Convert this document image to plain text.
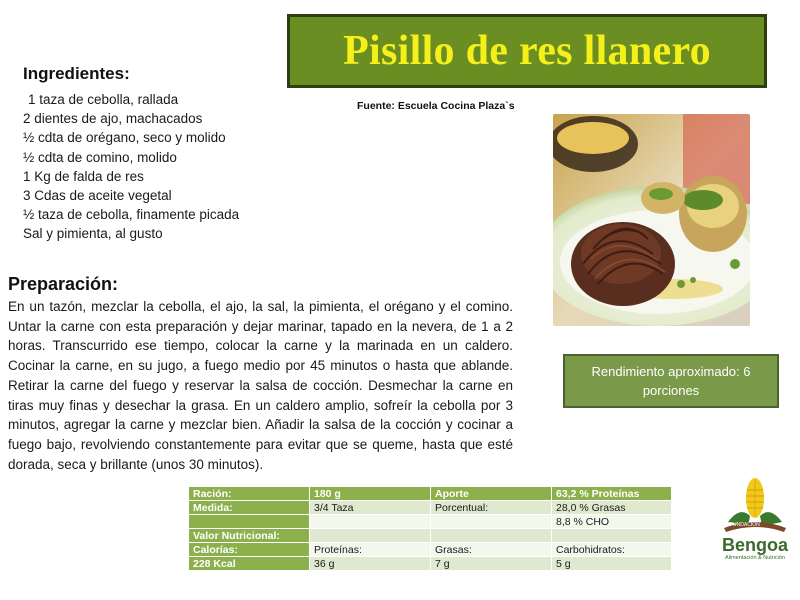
Pisillo de res llanero
Ingredientes:
1 taza de cebolla, rallada
2 dientes de ajo, machacados
½ cdta de orégano, seco y molido
½ cdta de comino, molido
1 Kg de falda de res
3 Cdas de aceite vegetal
½ taza de cebolla, finamente picada
Sal y pimienta, al gusto
Fuente: Escuela Cocina Plaza`s
Preparación:

En un tazón, mezclar la cebolla, el ajo, la sal, la pimienta, el orégano y el comino. Untar la carne con esta preparación y dejar marinar, tapado en la nevera, de 1 a 2 horas. Transcurrido ese tiempo, colocar la carne y la marinada en un caldero. Cocinar la carne, en su jugo, a fuego medio por 45 minutos o hasta que ablande. Retirar la carne del fuego y reservar la salsa de cocción. Desmechar la carne en tiras muy finas y desechar la grasa. En un caldero amplio, sofreír la cebolla por 3 minutos, agregar la carne y mezclar bien. Añadir la salsa de la cocción y cocinar a fuego bajo, revolviendo constantemente para evitar que se queme, hasta que esté dorada, seca y brillante (unos 30 minutos).

Rendimiento aproximado: 6 porciones
Ración:	180 g	Aporte	63,2 % Proteínas
Medida:	3/4 Taza	Porcentual:	28,0 % Grasas
			8,8 % CHO
Valor Nutricional:			
Calorías:	Proteínas:	Grasas:	Carbohidratos:
228 Kcal	36 g	7 g	5 g
FUNDACIÓN
Bengoa
Alimentación & Nutrición
